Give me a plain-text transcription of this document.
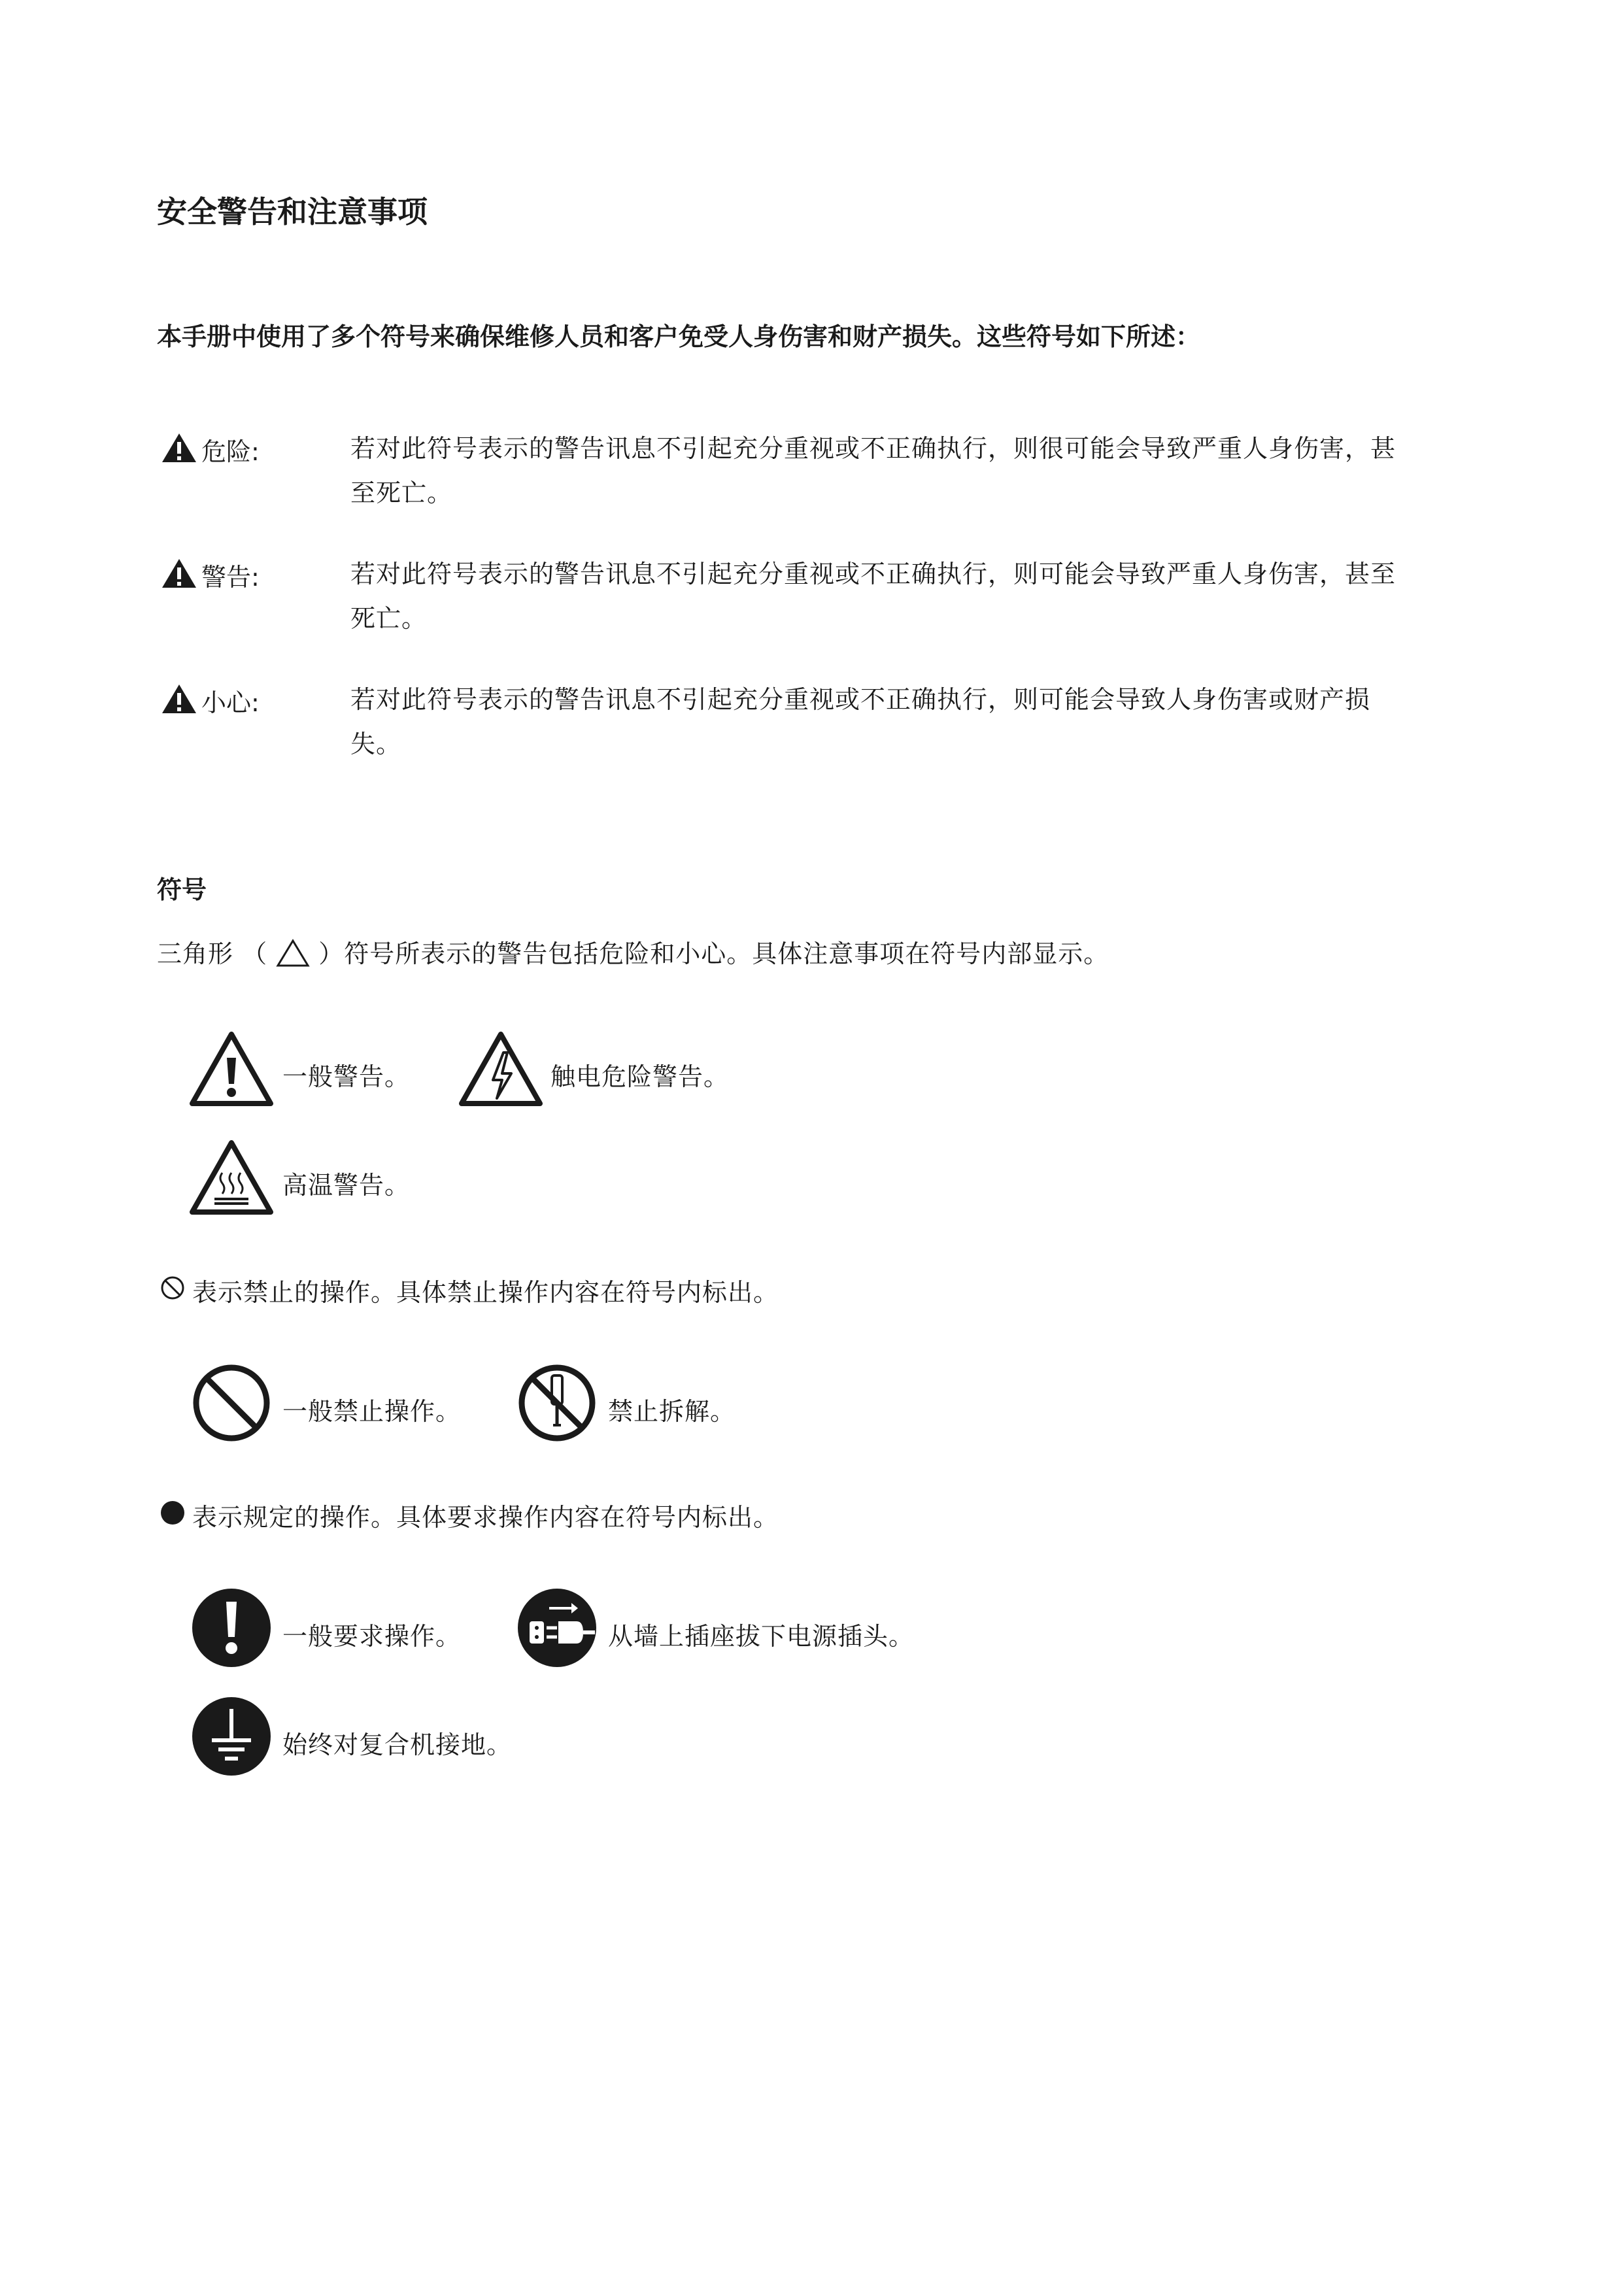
安全警告和注意事项
本手册中使用了多个符号来确保维修人员和客户免受人身伤害和财产损失。这些符号如下所述：
危险:	若对此符号表示的警告讯息不引起充分重视或不正确执行，则很可能会导致严重人身伤害，甚
至死亡。
警告:	若对此符号表示的警告讯息不引起充分重视或不正确执行，则可能会导致严重人身伤害，甚至
死亡。
小心:	若对此符号表示的警告讯息不引起充分重视或不正确执行，则可能会导致人身伤害或财产损
失。
符号
三角形 （ ）符号所表示的警告包括危险和小心。具体注意事项在符号内部显示。
一般警告。	触电危险警告。
高温警告。
表示禁止的操作。具体禁止操作内容在符号内标出。
一般禁止操作。	禁止拆解。
表示规定的操作。具体要求操作内容在符号内标出。
一般要求操作。	从墙上插座拔下电源插头。
始终对复合机接地。
